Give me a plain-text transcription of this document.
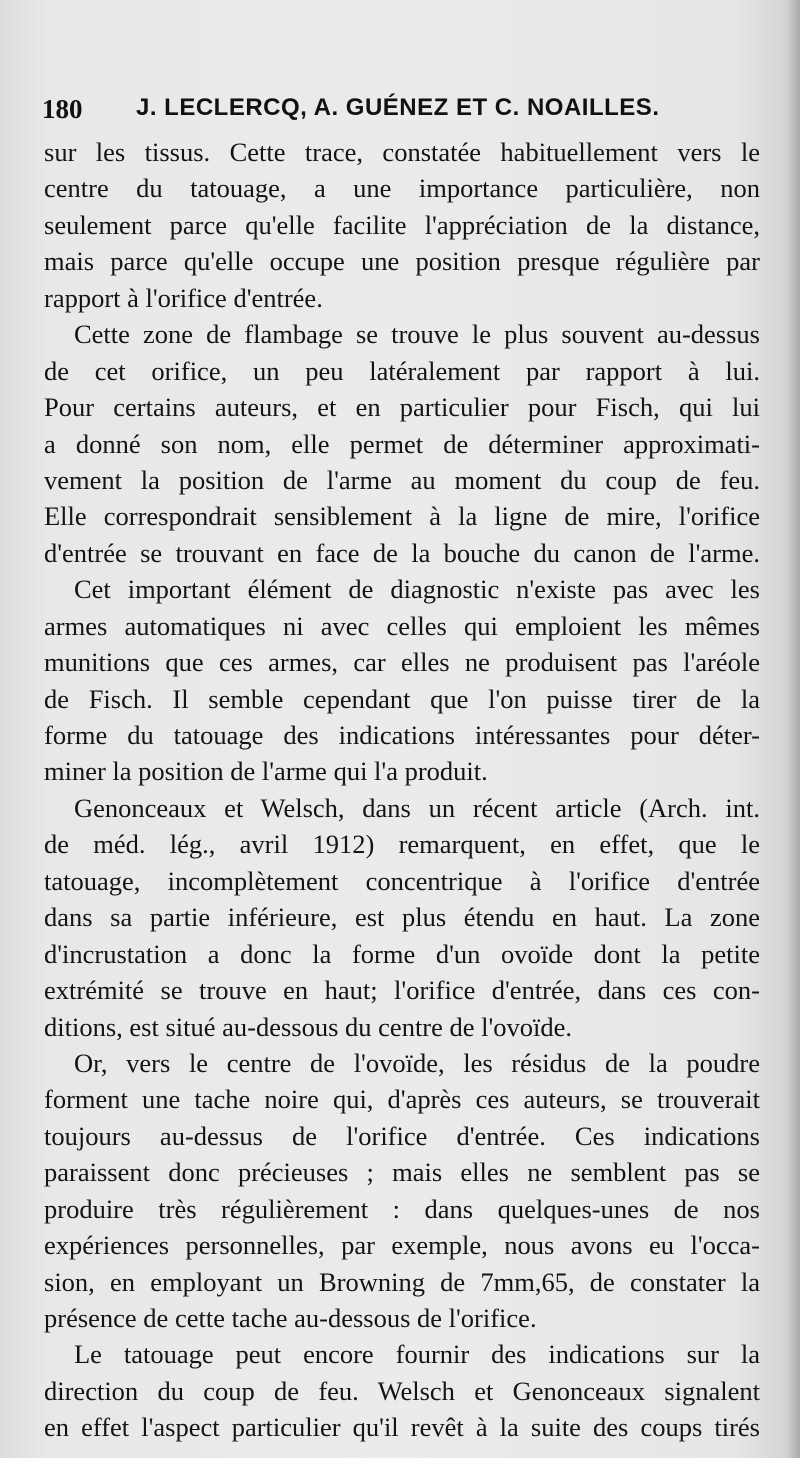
180 J. LECLERCQ, A. GUÉNEZ ET C. NOAILLES.
sur les tissus. Cette trace, constatée habituellement vers le
centre du tatouage, a une importance particulière, non
seulement parce qu'elle facilite l'appréciation de la distance,
mais parce qu'elle occupe une position presque régulière par
rapport à l'orifice d'entrée.
Cette zone de flambage se trouve le plus souvent au-dessus
de cet orifice, un peu latéralement par rapport à lui.
Pour certains auteurs, et en particulier pour Fisch, qui lui
a donné son nom, elle permet de déterminer approximati-
vement la position de l'arme au moment du coup de feu.
Elle correspondrait sensiblement à la ligne de mire, l'orifice
d'entrée se trouvant en face de la bouche du canon de l'arme.
Cet important élément de diagnostic n'existe pas avec les
armes automatiques ni avec celles qui emploient les mêmes
munitions que ces armes, car elles ne produisent pas l'aréole
de Fisch. Il semble cependant que l'on puisse tirer de la
forme du tatouage des indications intéressantes pour déter-
miner la position de l'arme qui l'a produit.
Genonceaux et Welsch, dans un récent article (Arch. int.
de méd. lég., avril 1912) remarquent, en effet, que le
tatouage, incomplètement concentrique à l'orifice d'entrée
dans sa partie inférieure, est plus étendu en haut. La zone
d'incrustation a donc la forme d'un ovoïde dont la petite
extrémité se trouve en haut; l'orifice d'entrée, dans ces con-
ditions, est situé au-dessous du centre de l'ovoïde.
Or, vers le centre de l'ovoïde, les résidus de la poudre
forment une tache noire qui, d'après ces auteurs, se trouverait
toujours au-dessus de l'orifice d'entrée. Ces indications
paraissent donc précieuses ; mais elles ne semblent pas se
produire très régulièrement : dans quelques-unes de nos
expériences personnelles, par exemple, nous avons eu l'occa-
sion, en employant un Browning de 7mm,65, de constater la
présence de cette tache au-dessous de l'orifice.
Le tatouage peut encore fournir des indications sur la
direction du coup de feu. Welsch et Genonceaux signalent
en effet l'aspect particulier qu'il revêt à la suite des coups tirés
